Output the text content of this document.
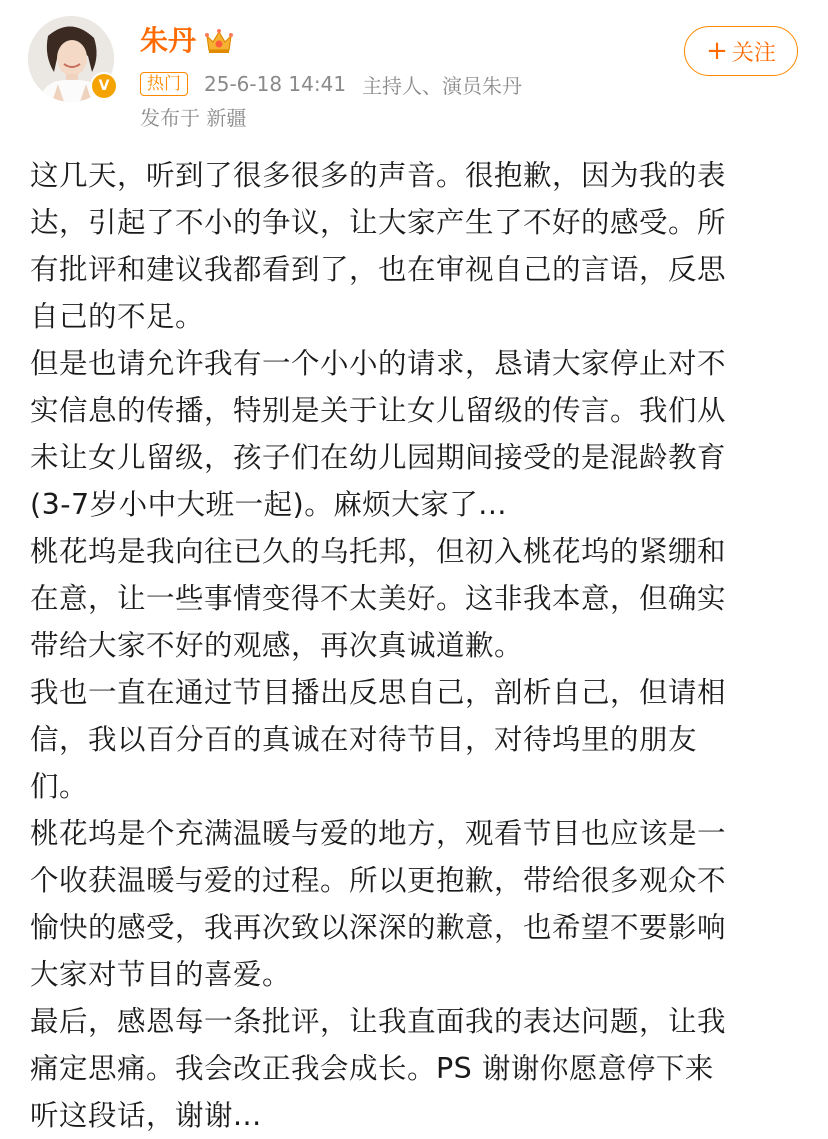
V
朱丹
热门	25-6-18 14:41 主持人、演员朱丹
发布于 新疆
+ 关注

这几天，听到了很多很多的声音。很抱歉，因为我的表

达，引起了不小的争议，让大家产生了不好的感受。所

有批评和建议我都看到了，也在审视自己的言语，反思

自己的不足。

但是也请允许我有一个小小的请求，恳请大家停止对不

实信息的传播，特别是关于让女儿留级的传言。我们从

未让女儿留级，孩子们在幼儿园期间接受的是混龄教育

(3-7岁小中大班一起)。麻烦大家了...

桃花坞是我向往已久的乌托邦，但初入桃花坞的紧绷和

在意，让一些事情变得不太美好。这非我本意，但确实

带给大家不好的观感，再次真诚道歉。

我也一直在通过节目播出反思自己，剖析自己，但请相

信，我以百分百的真诚在对待节目，对待坞里的朋友

们。

桃花坞是个充满温暖与爱的地方，观看节目也应该是一

个收获温暖与爱的过程。所以更抱歉，带给很多观众不

愉快的感受，我再次致以深深的歉意，也希望不要影响

大家对节目的喜爱。

最后，感恩每一条批评，让我直面我的表达问题，让我

痛定思痛。我会改正我会成长。PS 谢谢你愿意停下来

听这段话，谢谢...
